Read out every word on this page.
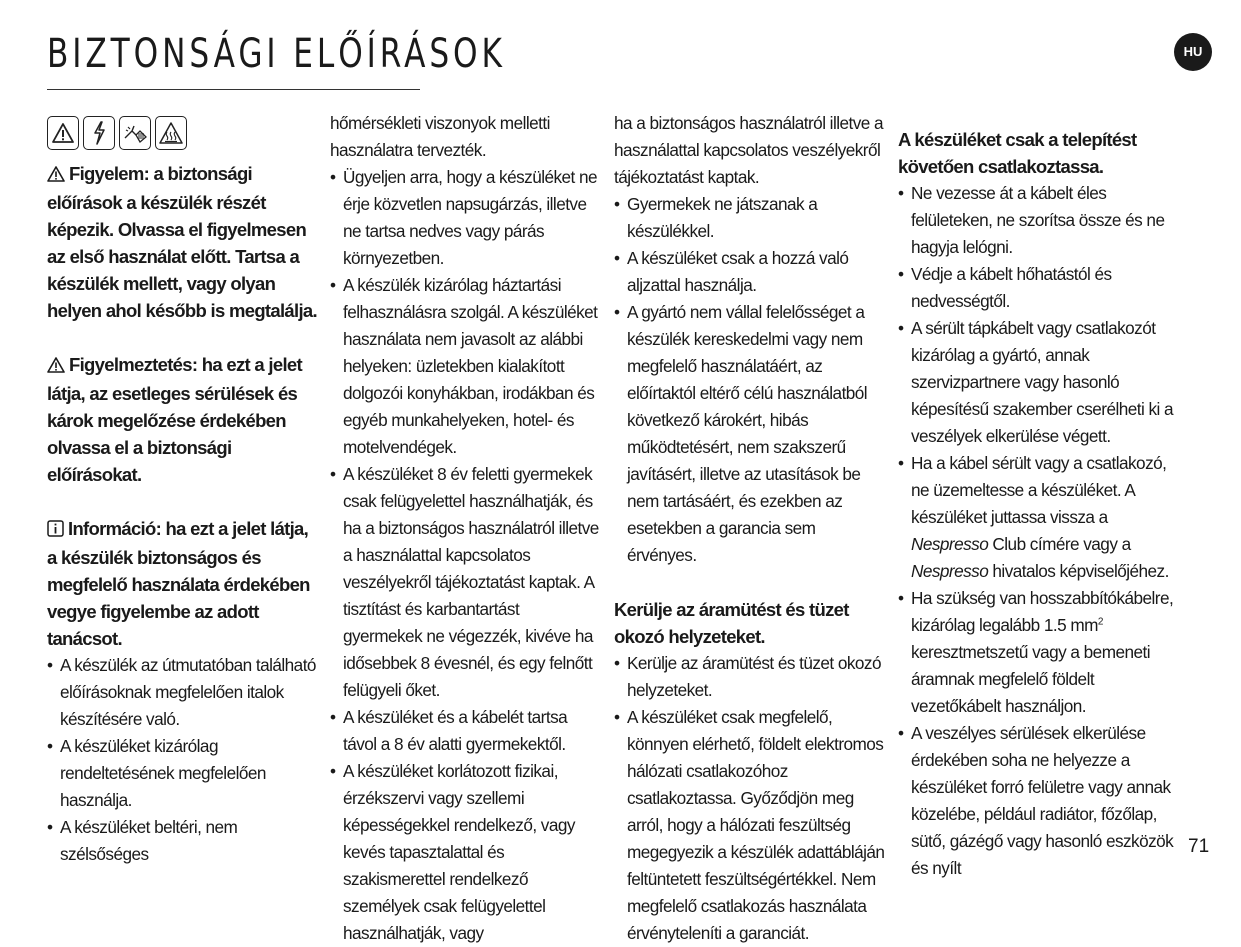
BIZTONSÁGI ELŐÍRÁSOK	HU

Figyelem: a biztonsági előírások a készülék részét képezik. Olvassa el figyelmesen az első használat előtt. Tartsa a készülék mellett, vagy olyan helyen ahol később is megtalálja.

Figyelmeztetés: ha ezt a jelet látja, az esetleges sérülések és károk megelőzése érdekében olvassa el a biztonsági előírásokat.

Információ: ha ezt a jelet látja, a készülék biztonságos és megfelelő használata érdekében vegye figyelembe az adott tanácsot.

• A készülék az útmutatóban található előírásoknak megfelelően italok készítésére való.
• A készüléket kizárólag rendeltetésének megfelelően használja.
• A készüléket beltéri, nem szélsőséges

hőmérsékleti viszonyok melletti használatra tervezték.

• Ügyeljen arra, hogy a készüléket ne érje közvetlen napsugárzás, illetve ne tartsa nedves vagy párás környezetben.
• A készülék kizárólag háztartási felhasználásra szolgál. A készüléket használata nem javasolt az alábbi helyeken: üzletekben kialakított dolgozói konyhákban, irodákban és egyéb munkahelyeken, hotel- és motelvendégek.
• A készüléket 8 év feletti gyermekek csak felügyelettel használhatják, és ha a biztonságos használatról illetve a használattal kapcsolatos veszélyekről tájékoztatást kaptak. A tisztítást és karbantartást gyermekek ne végezzék, kivéve ha idősebbek 8 évesnél, és egy felnőtt felügyeli őket.
• A készüléket és a kábelét tartsa távol a 8 év alatti gyermekektől.
• A készüléket korlátozott fizikai, érzékszervi vagy szellemi képességekkel rendelkező, vagy kevés tapasztalattal és szakismerettel rendelkező személyek csak felügyelettel használhatják, vagy

ha a biztonságos használatról illetve a használattal kapcsolatos veszélyekről tájékoztatást kaptak.

• Gyermekek ne játszanak a készülékkel.
• A készüléket csak a hozzá való aljzattal használja.
• A gyártó nem vállal felelősséget a készülék kereskedelmi vagy nem megfelelő használatáért, az előírtaktól eltérő célú használatból következő károkért, hibás működtetésért, nem szakszerű javításért, illetve az utasítások be nem tartásáért, és ezekben az esetekben a garancia sem érvényes.

Kerülje az áramütést és tüzet okozó helyzeteket.

• Kerülje az áramütést és tüzet okozó helyzeteket.
• A készüléket csak megfelelő, könnyen elérhető, földelt elektromos hálózati csatlakozóhoz csatlakoztassa. Győződjön meg arról, hogy a hálózati feszültség megegyezik a készülék adattábláján feltüntetett feszültségértékkel. Nem megfelelő csatlakozás használata érvényteleníti a garanciát.

A készüléket csak a telepítést követően csatlakoztassa.

• Ne vezesse át a kábelt éles felületeken, ne szorítsa össze és ne hagyja lelógni.
• Védje a kábelt hőhatástól és nedvességtől.
• A sérült tápkábelt vagy csatlakozót kizárólag a gyártó, annak szervizpartnere vagy hasonló képesítésű szakember cserélheti ki a veszélyek elkerülése végett.
• Ha a kábel sérült vagy a csatlakozó, ne üzemeltesse a készüléket. A készüléket juttassa vissza a Nespresso Club címére vagy a Nespresso hivatalos képviselőjéhez.
• Ha szükség van hosszabbítókábelre, kizárólag legalább 1.5 $mm^2$ keresztmetszetű vagy a bemeneti áramnak megfelelő földelt vezetőkábelt használjon.
• A veszélyes sérülések elkerülése érdekében soha ne helyezze a készüléket forró felületre vagy annak közelébe, például radiátor, főzőlap, sütő, gázégő vagy hasonló eszközök és nyílt
71
